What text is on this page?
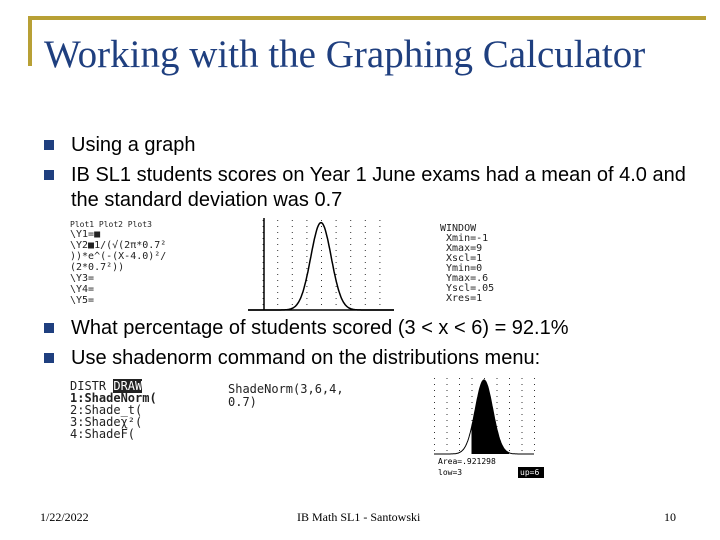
Working with the Graphing Calculator
Using a graph
IB SL1 students scores on Year 1 June exams had a mean of 4.0 and the standard deviation was 0.7
What percentage of students scored (3 < x < 6) = 92.1%
Use shadenorm command on the distributions menu:
Plot1 Plot2 Plot3
\Y1=■
\Y2■1/(√(2π*0.7²
))*e^(-(X-4.0)²/
(2*0.7²))
\Y3=
\Y4=
\Y5=
WINDOW
Xmin=-1
Xmax=9
Xscl=1
Ymin=0
Ymax=.6
Yscl=.05
Xres=1
DISTR DRAW
1:ShadeNorm(
2:Shade_t(
3:Shadeχ²(
4:ShadeF(
ShadeNorm(3,6,4,
0.7)
Area=.921298
low=3	up=6
1/22/2022	IB Math SL1 - Santowski	10
